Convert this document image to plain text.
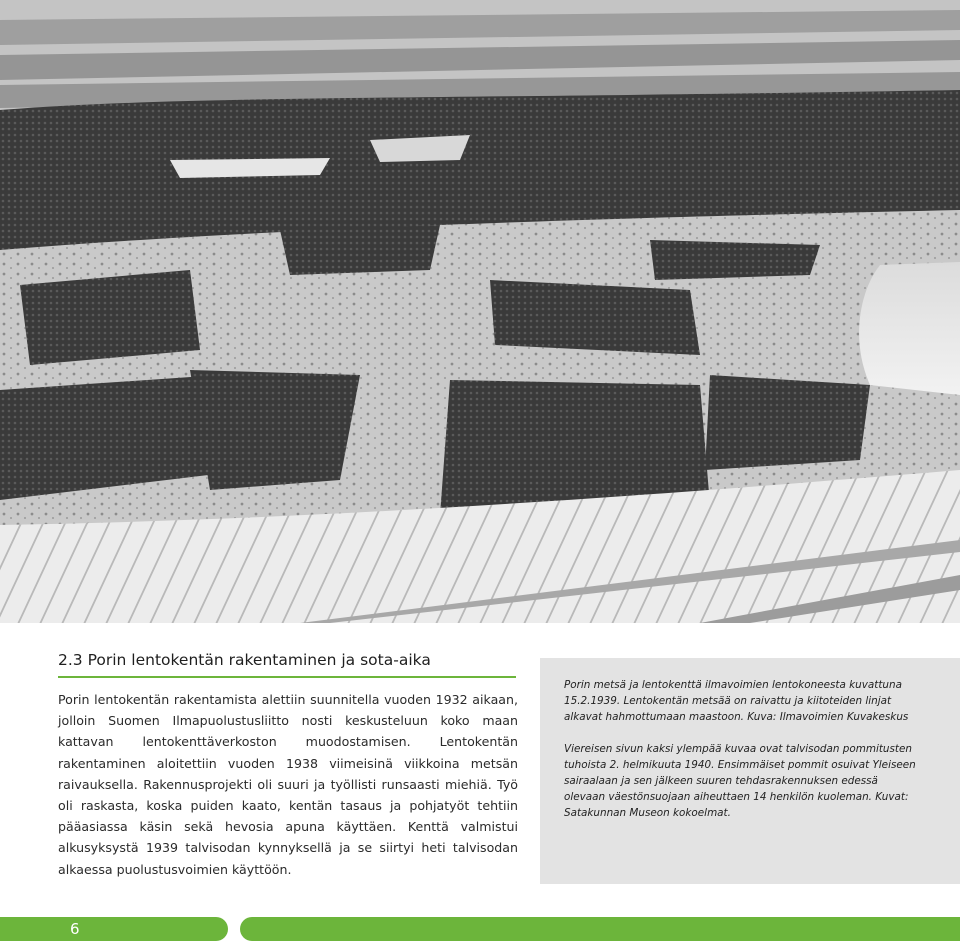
2.3 Porin lentokentän rakentaminen ja sota-aika

Porin lentokentän rakentamista alettiin suunnitella vuoden 1932 aikaan, jolloin Suomen Ilmapuolustusliitto nosti keskusteluun koko maan kattavan lentokenttäverkoston muodostamisen. Lentokentän rakentaminen aloitettiin vuoden 1938 viimeisinä viikkoina metsän raivauksella. Rakennusprojekti oli suuri ja työllisti runsaasti miehiä. Työ oli raskasta, koska puiden kaato, kentän tasaus ja pohjatyöt tehtiin pääasiassa käsin sekä hevosia apuna käyttäen. Kenttä valmistui alkusyksystä 1939 talvisodan kynnyksellä ja se siirtyi heti talvisodan alkaessa puolustusvoimien käyttöön.

Porin metsä ja lentokenttä ilmavoimien lentokoneesta kuvattuna 15.2.1939. Lentokentän metsää on raivattu ja kiitoteiden linjat alkavat hahmottumaan maastoon. Kuva: Ilmavoimien Kuvakeskus

Viereisen sivun kaksi ylempää kuvaa ovat talvisodan pommitusten tuhoista 2. helmikuuta 1940. Ensimmäiset pommit osuivat Yleiseen sairaalaan ja sen jälkeen suuren tehdasrakennuksen edessä olevaan väestönsuojaan aiheuttaen 14 henkilön kuoleman. Kuvat: Satakunnan Museon kokoelmat.

6
